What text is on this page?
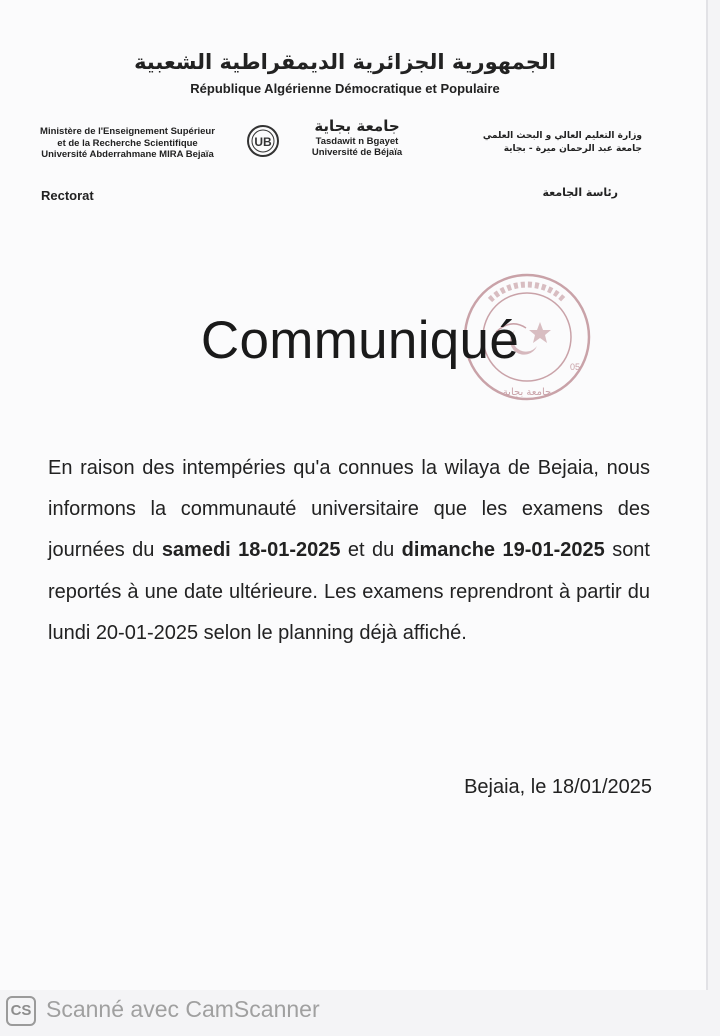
الجمهورية الجزائرية الديمقراطية الشعبية
République Algérienne Démocratique et Populaire
Ministère de l'Enseignement Supérieur
et de la Recherche Scientifique
Université Abderrahmane MIRA Bejaïa
UB
جامعة بجاية
Tasdawit n Bgayet
Université de Béjaïa
وزارة التعليم العالي و البحث العلمي
جامعة عبد الرحمان ميرة - بجاية
Rectorat	رئاسة الجامعة
05
جامعة بجاية
Communiqué
En raison des intempéries qu'a connues la wilaya de Bejaia, nous informons la communauté universitaire que les examens des journées du samedi 18-01-2025 et du dimanche 19-01-2025 sont reportés à une date ultérieure. Les examens reprendront à partir du lundi 20-01-2025 selon le planning déjà affiché.
Bejaia, le 18/01/2025
CS Scanné avec CamScanner
